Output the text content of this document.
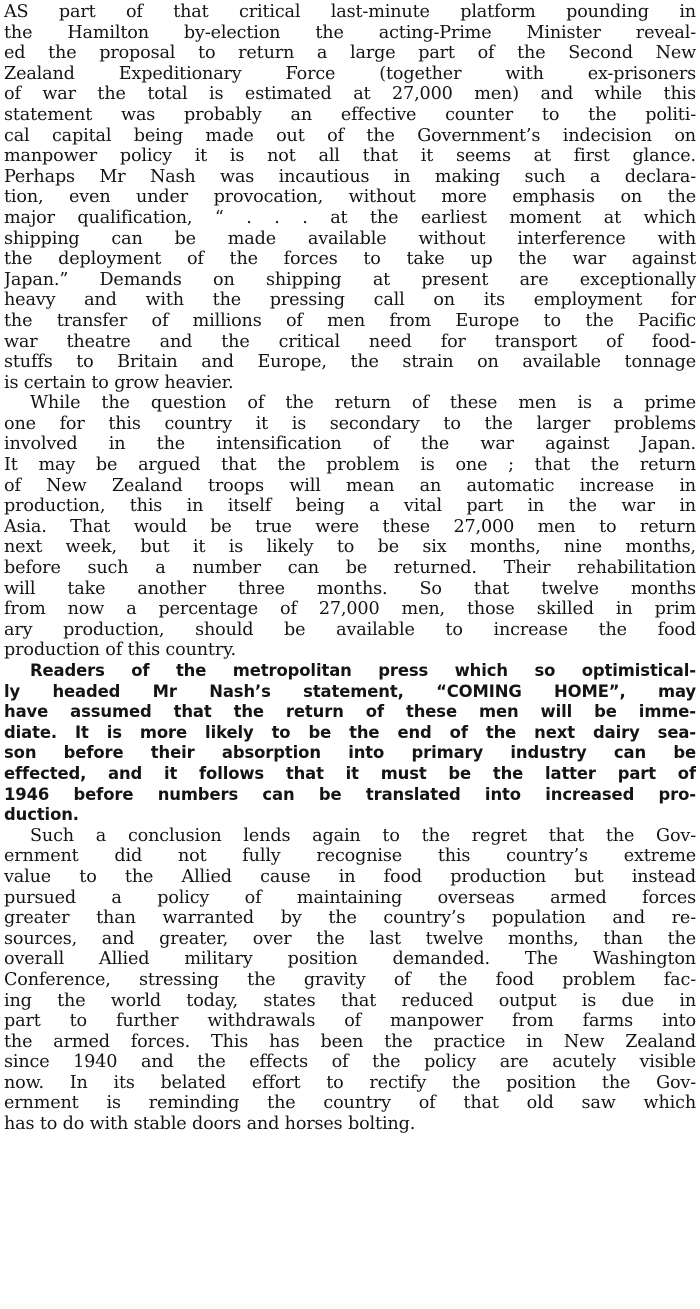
AS part of that critical last-minute platform pounding in
the Hamilton by-election the acting-Prime Minister reveal-
ed the proposal to return a large part of the Second New
Zealand Expeditionary Force (together with ex-prisoners
of war the total is estimated at 27,000 men) and while this
statement was probably an effective counter to the politi-
cal capital being made out of the Government’s indecision on
manpower policy it is not all that it seems at first glance.
Perhaps Mr Nash was incautious in making such a declara-
tion, even under provocation, without more emphasis on the
major qualification, “ . . . at the earliest moment at which
shipping can be made available without interference with
the deployment of the forces to take up the war against
Japan.” Demands on shipping at present are exceptionally
heavy and with the pressing call on its employment for
the transfer of millions of men from Europe to the Pacific
war theatre and the critical need for transport of food-
stuffs to Britain and Europe, the strain on available tonnage
is certain to grow heavier.
While the question of the return of these men is a prime
one for this country it is secondary to the larger problems
involved in the intensification of the war against Japan.
It may be argued that the problem is one ; that the return
of New Zealand troops will mean an automatic increase in
production, this in itself being a vital part in the war in
Asia. That would be true were these 27,000 men to return
next week, but it is likely to be six months, nine months,
before such a number can be returned. Their rehabilitation
will take another three months. So that twelve months
from now a percentage of 27,000 men, those skilled in prim
ary production, should be available to increase the food
production of this country.
Readers of the metropolitan press which so optimistical-
ly headed Mr Nash’s statement, “COMING HOME”, may
have assumed that the return of these men will be imme-
diate. It is more likely to be the end of the next dairy sea-
son before their absorption into primary industry can be
effected, and it follows that it must be the latter part of
1946 before numbers can be translated into increased pro-
duction.
Such a conclusion lends again to the regret that the Gov-
ernment did not fully recognise this country’s extreme
value to the Allied cause in food production but instead
pursued a policy of maintaining overseas armed forces
greater than warranted by the country’s population and re-
sources, and greater, over the last twelve months, than the
overall Allied military position demanded. The Washington
Conference, stressing the gravity of the food problem fac-
ing the world today, states that reduced output is due in
part to further withdrawals of manpower from farms into
the armed forces. This has been the practice in New Zealand
since 1940 and the effects of the policy are acutely visible
now. In its belated effort to rectify the position the Gov-
ernment is reminding the country of that old saw which
has to do with stable doors and horses bolting.
